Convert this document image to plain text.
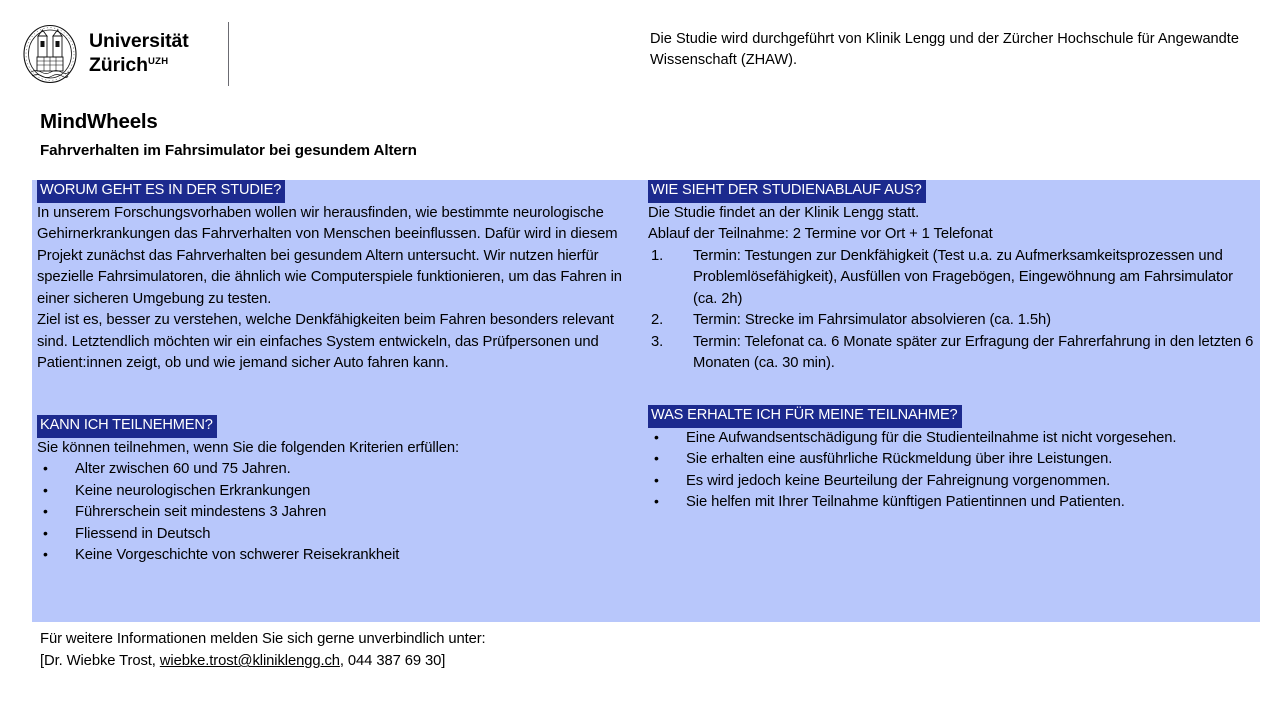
Universität
Zürich$^{UZH}$
Die Studie wird durchgeführt von Klinik Lengg und der Zürcher Hochschule für Angewandte Wissenschaft (ZHAW).
MindWheels
Fahrverhalten im Fahrsimulator bei gesundem Altern
WORUM GEHT ES IN DER STUDIE?

In unserem Forschungsvorhaben wollen wir herausfinden, wie bestimmte neurologische Gehirnerkrankungen das Fahrverhalten von Menschen beeinflussen. Dafür wird in diesem Projekt zunächst das Fahrverhalten bei gesundem Altern untersucht. Wir nutzen hierfür spezielle Fahrsimulatoren, die ähnlich wie Computerspiele funktionieren, um das Fahren in einer sicheren Umgebung zu testen.

Ziel ist es, besser zu verstehen, welche Denkfähigkeiten beim Fahren besonders relevant sind. Letztendlich möchten wir ein einfaches System entwickeln, das Prüfpersonen und Patient:innen zeigt, ob und wie jemand sicher Auto fahren kann.

KANN ICH TEILNEHMEN?
Sie können teilnehmen, wenn Sie die folgenden Kriterien erfüllen:
• Alter zwischen 60 und 75 Jahren.
• Keine neurologischen Erkrankungen
• Führerschein seit mindestens 3 Jahren
• Fliessend in Deutsch
• Keine Vorgeschichte von schwerer Reisekrankheit
WIE SIEHT DER STUDIENABLAUF AUS?
Die Studie findet an der Klinik Lengg statt.
Ablauf der Teilnahme: 2 Termine vor Ort + 1 Telefonat
1. Termin: Testungen zur Denkfähigkeit (Test u.a. zu Aufmerksamkeitsprozessen und Problemlösefähigkeit), Ausfüllen von Fragebögen, Eingewöhnung am Fahrsimulator (ca. 2h)
2. Termin: Strecke im Fahrsimulator absolvieren (ca. 1.5h)
3. Termin: Telefonat ca. 6 Monate später zur Erfragung der Fahrerfahrung in den letzten 6 Monaten (ca. 30 min).
WAS ERHALTE ICH FÜR MEINE TEILNAHME?
• Eine Aufwandsentschädigung für die Studienteilnahme ist nicht vorgesehen.
• Sie erhalten eine ausführliche Rückmeldung über ihre Leistungen.
• Es wird jedoch keine Beurteilung der Fahreignung vorgenommen.
• Sie helfen mit Ihrer Teilnahme künftigen Patientinnen und Patienten.
Für weitere Informationen melden Sie sich gerne unverbindlich unter:
[Dr. Wiebke Trost, wiebke.trost@kliniklengg.ch, 044 387 69 30]
